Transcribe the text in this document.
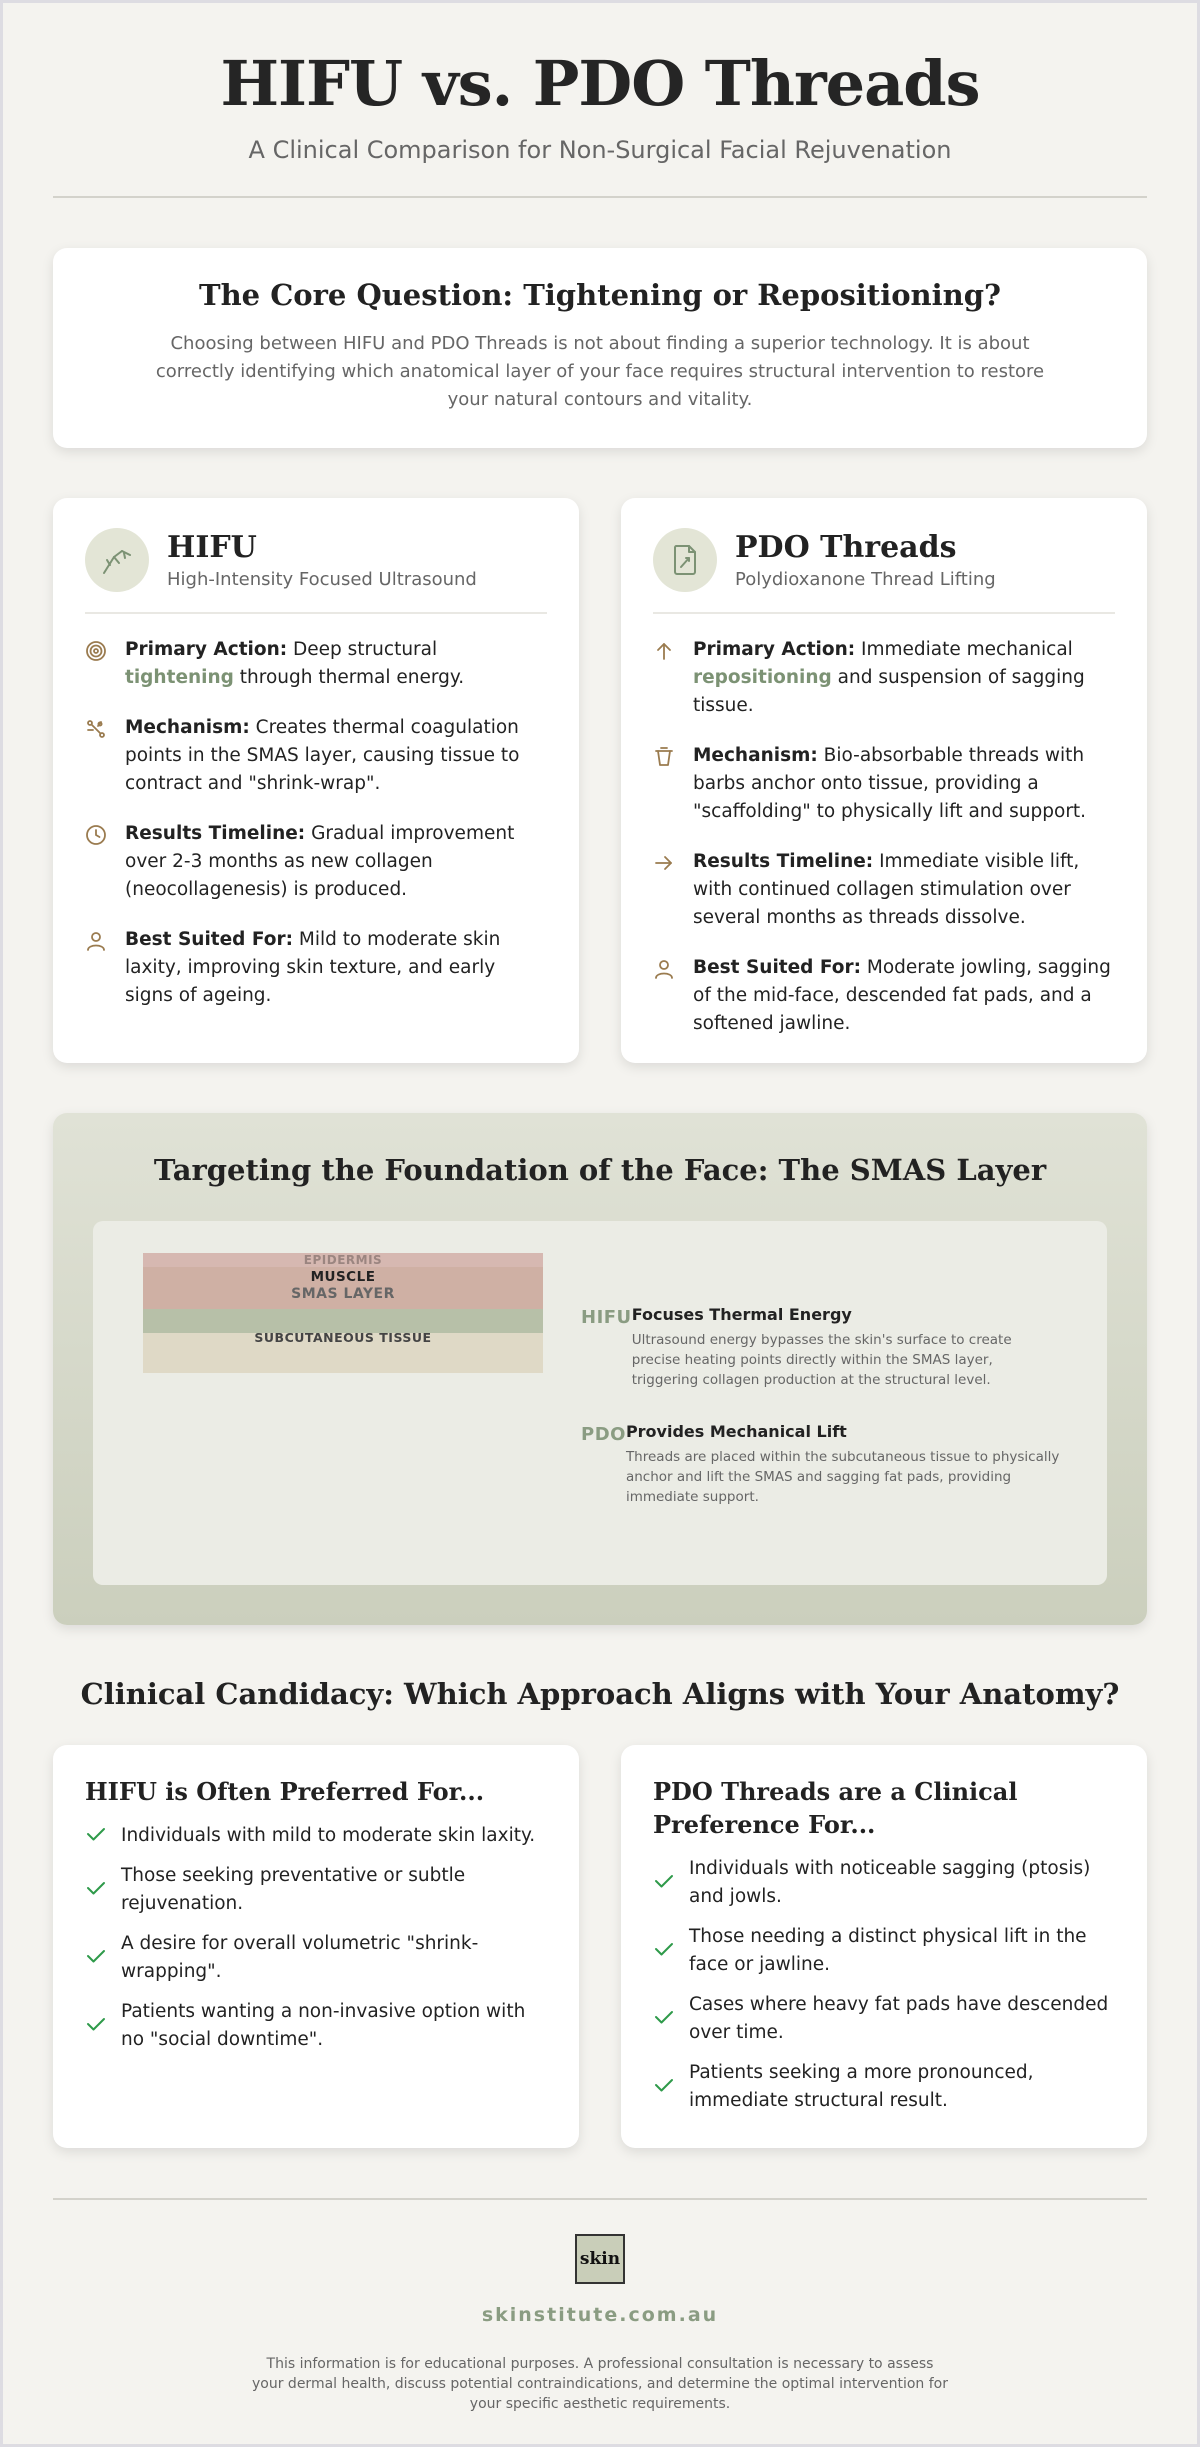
HIFU vs. PDO Threads
A Clinical Comparison for Non-Surgical Facial Rejuvenation
The Core Question: Tightening or Repositioning?

Choosing between HIFU and PDO Threads is not about finding a superior technology. It is about correctly identifying which anatomical layer of your face requires structural intervention to restore your natural contours and vitality.

HIFU
High-Intensity Focused Ultrasound
Primary Action: Deep structural tightening through thermal energy.
Mechanism: Creates thermal coagulation points in the SMAS layer, causing tissue to contract and "shrink-wrap".
Results Timeline: Gradual improvement over 2-3 months as new collagen (neocollagenesis) is produced.
Best Suited For: Mild to moderate skin laxity, improving skin texture, and early signs of ageing.
PDO Threads
Polydioxanone Thread Lifting
Primary Action: Immediate mechanical repositioning and suspension of sagging tissue.
Mechanism: Bio-absorbable threads with barbs anchor onto tissue, providing a "scaffolding" to physically lift and support.
Results Timeline: Immediate visible lift, with continued collagen stimulation over several months as threads dissolve.
Best Suited For: Moderate jowling, sagging of the mid-face, descended fat pads, and a softened jawline.
Targeting the Foundation of the Face: The SMAS Layer
EPIDERMIS
MUSCLE
SMAS LAYER
SUBCUTANEOUS TISSUE
HIFU Focuses Thermal Energy
Ultrasound energy bypasses the skin's surface to create precise heating points directly within the SMAS layer, triggering collagen production at the structural level.
PDO Provides Mechanical Lift
Threads are placed within the subcutaneous tissue to physically anchor and lift the SMAS and sagging fat pads, providing immediate support.
Clinical Candidacy: Which Approach Aligns with Your Anatomy?
HIFU is Often Preferred For...
Individuals with mild to moderate skin laxity.
Those seeking preventative or subtle rejuvenation.
A desire for overall volumetric "shrink-wrapping".
Patients wanting a non-invasive option with no "social downtime".
PDO Threads are a Clinical Preference For...
Individuals with noticeable sagging (ptosis) and jowls.
Those needing a distinct physical lift in the face or jawline.
Cases where heavy fat pads have descended over time.
Patients seeking a more pronounced, immediate structural result.
skin
skinstitute.com.au
This information is for educational purposes. A professional consultation is necessary to assess your dermal health, discuss potential contraindications, and determine the optimal intervention for your specific aesthetic requirements.
